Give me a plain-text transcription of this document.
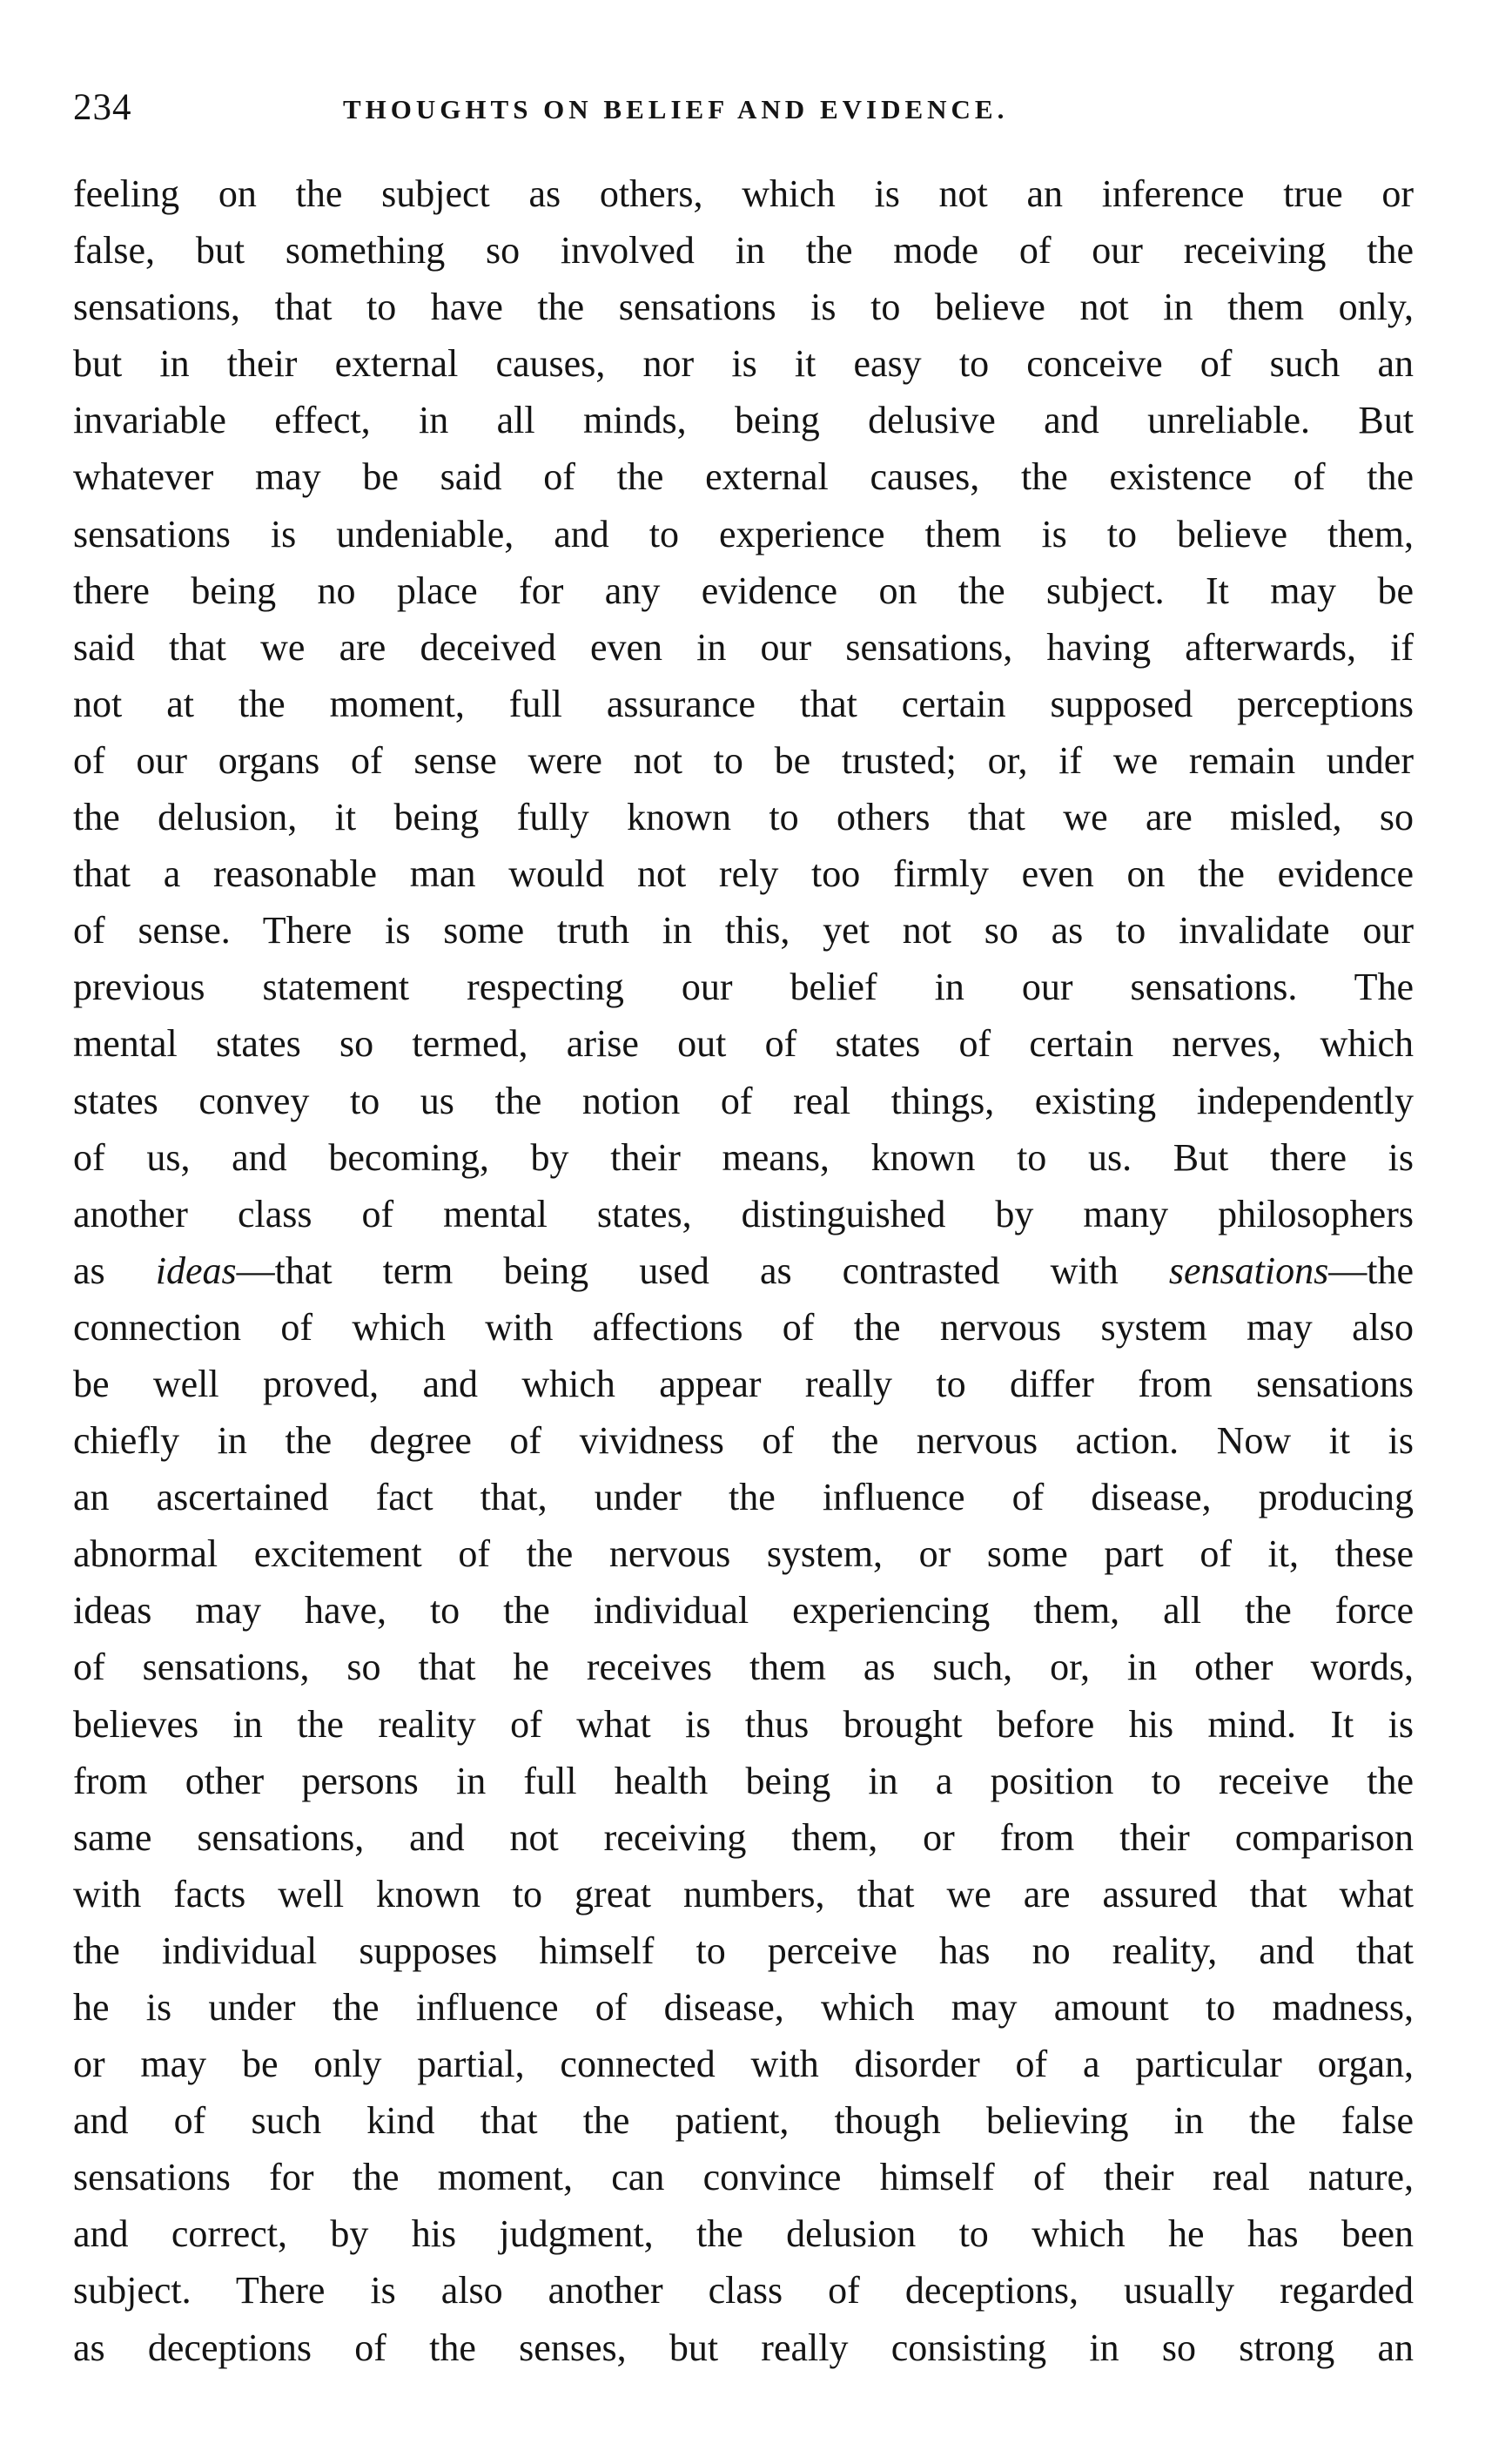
234	THOUGHTS ON BELIEF AND EVIDENCE.
feeling on the subject as others, which is not an inference true or
false, but something so involved in the mode of our receiving the
sensations, that to have the sensations is to believe not in them only,
but in their external causes, nor is it easy to conceive of such an
invariable effect, in all minds, being delusive and unreliable. But
whatever may be said of the external causes, the existence of the
sensations is undeniable, and to experience them is to believe them,
there being no place for any evidence on the subject. It may be
said that we are deceived even in our sensations, having afterwards, if
not at the moment, full assurance that certain supposed perceptions
of our organs of sense were not to be trusted; or, if we remain under
the delusion, it being fully known to others that we are misled, so
that a reasonable man would not rely too firmly even on the evidence
of sense. There is some truth in this, yet not so as to invalidate our
previous statement respecting our belief in our sensations. The
mental states so termed, arise out of states of certain nerves, which
states convey to us the notion of real things, existing independently
of us, and becoming, by their means, known to us. But there is
another class of mental states, distinguished by many philosophers
as ideas—that term being used as contrasted with sensations—the
connection of which with affections of the nervous system may also
be well proved, and which appear really to differ from sensations
chiefly in the degree of vividness of the nervous action. Now it is
an ascertained fact that, under the influence of disease, producing
abnormal excitement of the nervous system, or some part of it, these
ideas may have, to the individual experiencing them, all the force
of sensations, so that he receives them as such, or, in other words,
believes in the reality of what is thus brought before his mind. It is
from other persons in full health being in a position to receive the
same sensations, and not receiving them, or from their comparison
with facts well known to great numbers, that we are assured that what
the individual supposes himself to perceive has no reality, and that
he is under the influence of disease, which may amount to madness,
or may be only partial, connected with disorder of a particular organ,
and of such kind that the patient, though believing in the false
sensations for the moment, can convince himself of their real nature,
and correct, by his judgment, the delusion to which he has been
subject. There is also another class of deceptions, usually regarded
as deceptions of the senses, but really consisting in so strong an
